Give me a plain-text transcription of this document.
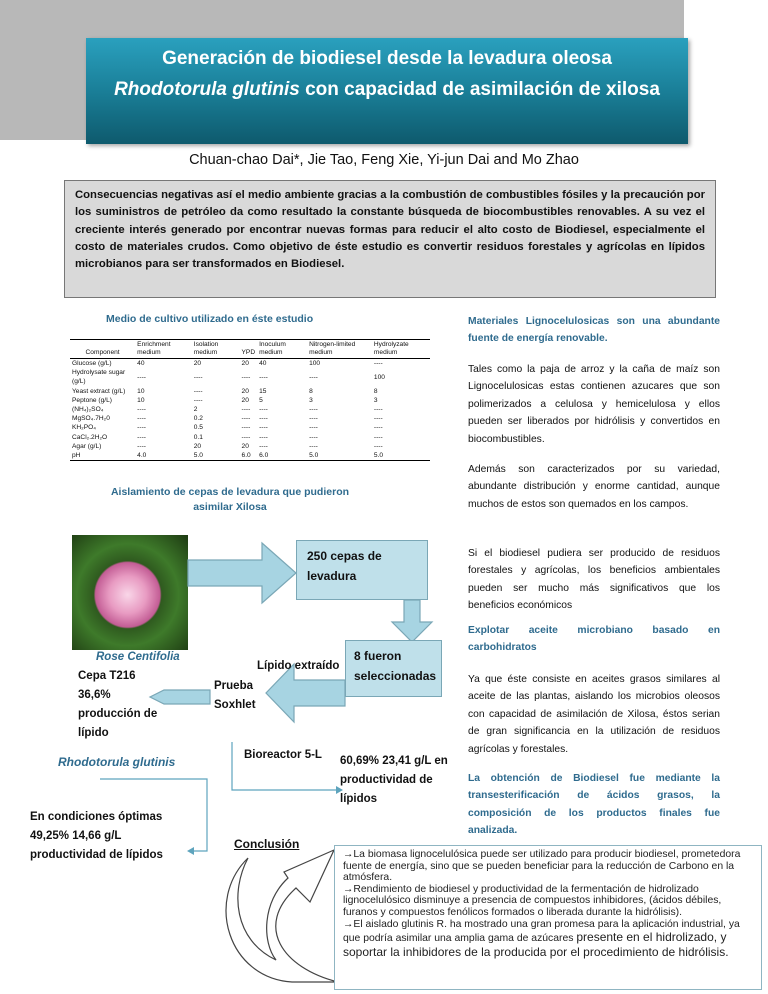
Generación de biodiesel desde la levadura oleosa
Rhodotorula glutinis con capacidad de asimilación de xilosa
Chuan-chao Dai*, Jie Tao, Feng Xie, Yi-jun Dai and Mo Zhao
Consecuencias negativas así el medio ambiente gracias a la combustión de combustibles fósiles y la precaución por los suministros de petróleo da como resultado la constante búsqueda de biocombustibles renovables. A su vez el creciente interés generado por encontrar nuevas formas para reducir el alto costo de Biodiesel, especialmente el costo de materiales crudos. Como objetivo de éste estudio es convertir residuos forestales y agrícolas en lípidos microbianos para ser transformados en Biodiesel.
Medio de cultivo utilizado en éste estudio
Component	Enrichment medium	Isolation medium	YPD	Inoculum medium	Nitrogen-limited medium	Hydrolyzate medium
Glucose (g/L)	40	20	20	40	100	----
Hydrolysate sugar (g/L)	----	----	----	----	----	100
Yeast extract (g/L)	10	----	20	15	8	8
Peptone (g/L)	10	----	20	5	3	3
(NH₄)₂SO₄	----	2	----	----	----	----
MgSO₄.7H₂0	----	0.2	----	----	----	----
KH₂PO₄	----	0.5	----	----	----	----
CaCl₂.2H₂O	----	0.1	----	----	----	----
Agar (g/L)	----	20	20	----	----	----
pH	4.0	5.0	6.0	6.0	5.0	5.0
Aislamiento de cepas de levadura que pudieron asimilar Xilosa
Rose Centifolia
250 cepas de levadura
8 fueron seleccionadas
Lípido extraído
Prueba Soxhlet
Cepa T216 36,6% producción de lípido
Bioreactor 5-L 60,69% 23,41 g/L en productividad de lípidos
Rhodotorula glutinis
En condiciones óptimas 49,25% 14,66 g/L productividad de lípidos
Conclusión
Materiales Lignocelulosicas son una abundante fuente de energía renovable.
Tales como la paja de arroz y la caña de maíz son Lignocelulosicas estas contienen azucares que son polimerizados a celulosa y hemicelulosa y ellos pueden ser liberados por hidrólisis y convertidos en biocombustibles.
Además son caracterizados por su variedad, abundante distribución y enorme cantidad, aunque muchos de estos son quemados en los campos.
Si el biodiesel pudiera ser producido de residuos forestales y agrícolas, los beneficios ambientales pueden ser mucho más significativos que los beneficios económicos
Explotar aceite microbiano basado en carbohidratos
Ya que éste consiste en aceites grasos similares al aceite de las plantas, aislando los microbios oleosos con capacidad de asimilación de Xilosa, éstos serian de gran significancia en la utilización de residuos agrícolas y forestales.
La obtención de Biodiesel fue mediante la transesterificación de ácidos grasos, la composición de los productos finales fue analizada.
→La biomasa lignocelulósica puede ser utilizado para producir biodiesel, prometedora fuente de energía, sino que se pueden beneficiar para la reducción de Carbono en la atmósfera.
→Rendimiento de biodiesel y productividad de la fermentación de hidrolizado lignocelulósico disminuye a presencia de compuestos inhibidores, (ácidos débiles, furanos y compuestos fenólicos formados o liberada durante la hidrólisis).
→El aislado glutinis R. ha mostrado una gran promesa para la aplicación industrial, ya que podría asimilar una amplia gama de azúcares presente en el hidrolizado, y soportar la inhibidores de la producida por el procedimiento de hidrólisis.
